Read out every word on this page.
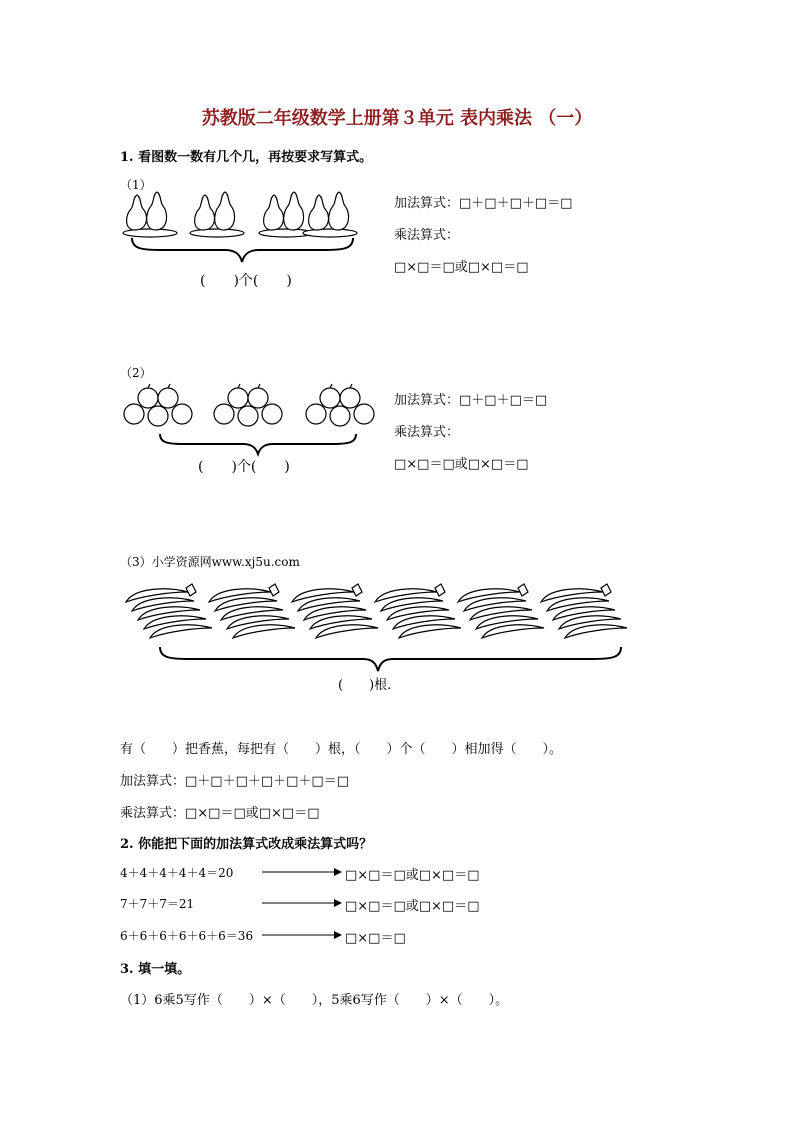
苏教版二年级数学上册第３单元 表内乘法 （一）
1. 看图数一数有几个几，再按要求写算式。
（1）
(　　)个(　　)
加法算式：□＋□＋□＋□＝□
乘法算式：
□×□＝□或□×□＝□
（2）
(　　)个(　　)
加法算式：□＋□＋□＝□
乘法算式：
□×□＝□或□×□＝□
（3）小学资源网www.xj5u.com
(　　)根.
有（　　）把香蕉，每把有（　　）根，（　　）个（　　）相加得（　　）。
加法算式：□＋□＋□＋□＋□＋□＝□
乘法算式：□×□＝□或□×□＝□
2. 你能把下面的加法算式改成乘法算式吗？
4＋4＋4＋4＋4＝20	□×□＝□或□×□＝□
7＋7＋7＝21	□×□＝□或□×□＝□
6＋6＋6＋6＋6＋6＝36	□×□＝□
3. 填一填。
（1）6乘5写作（　　）×（　　），5乘6写作（　　）×（　　）。
